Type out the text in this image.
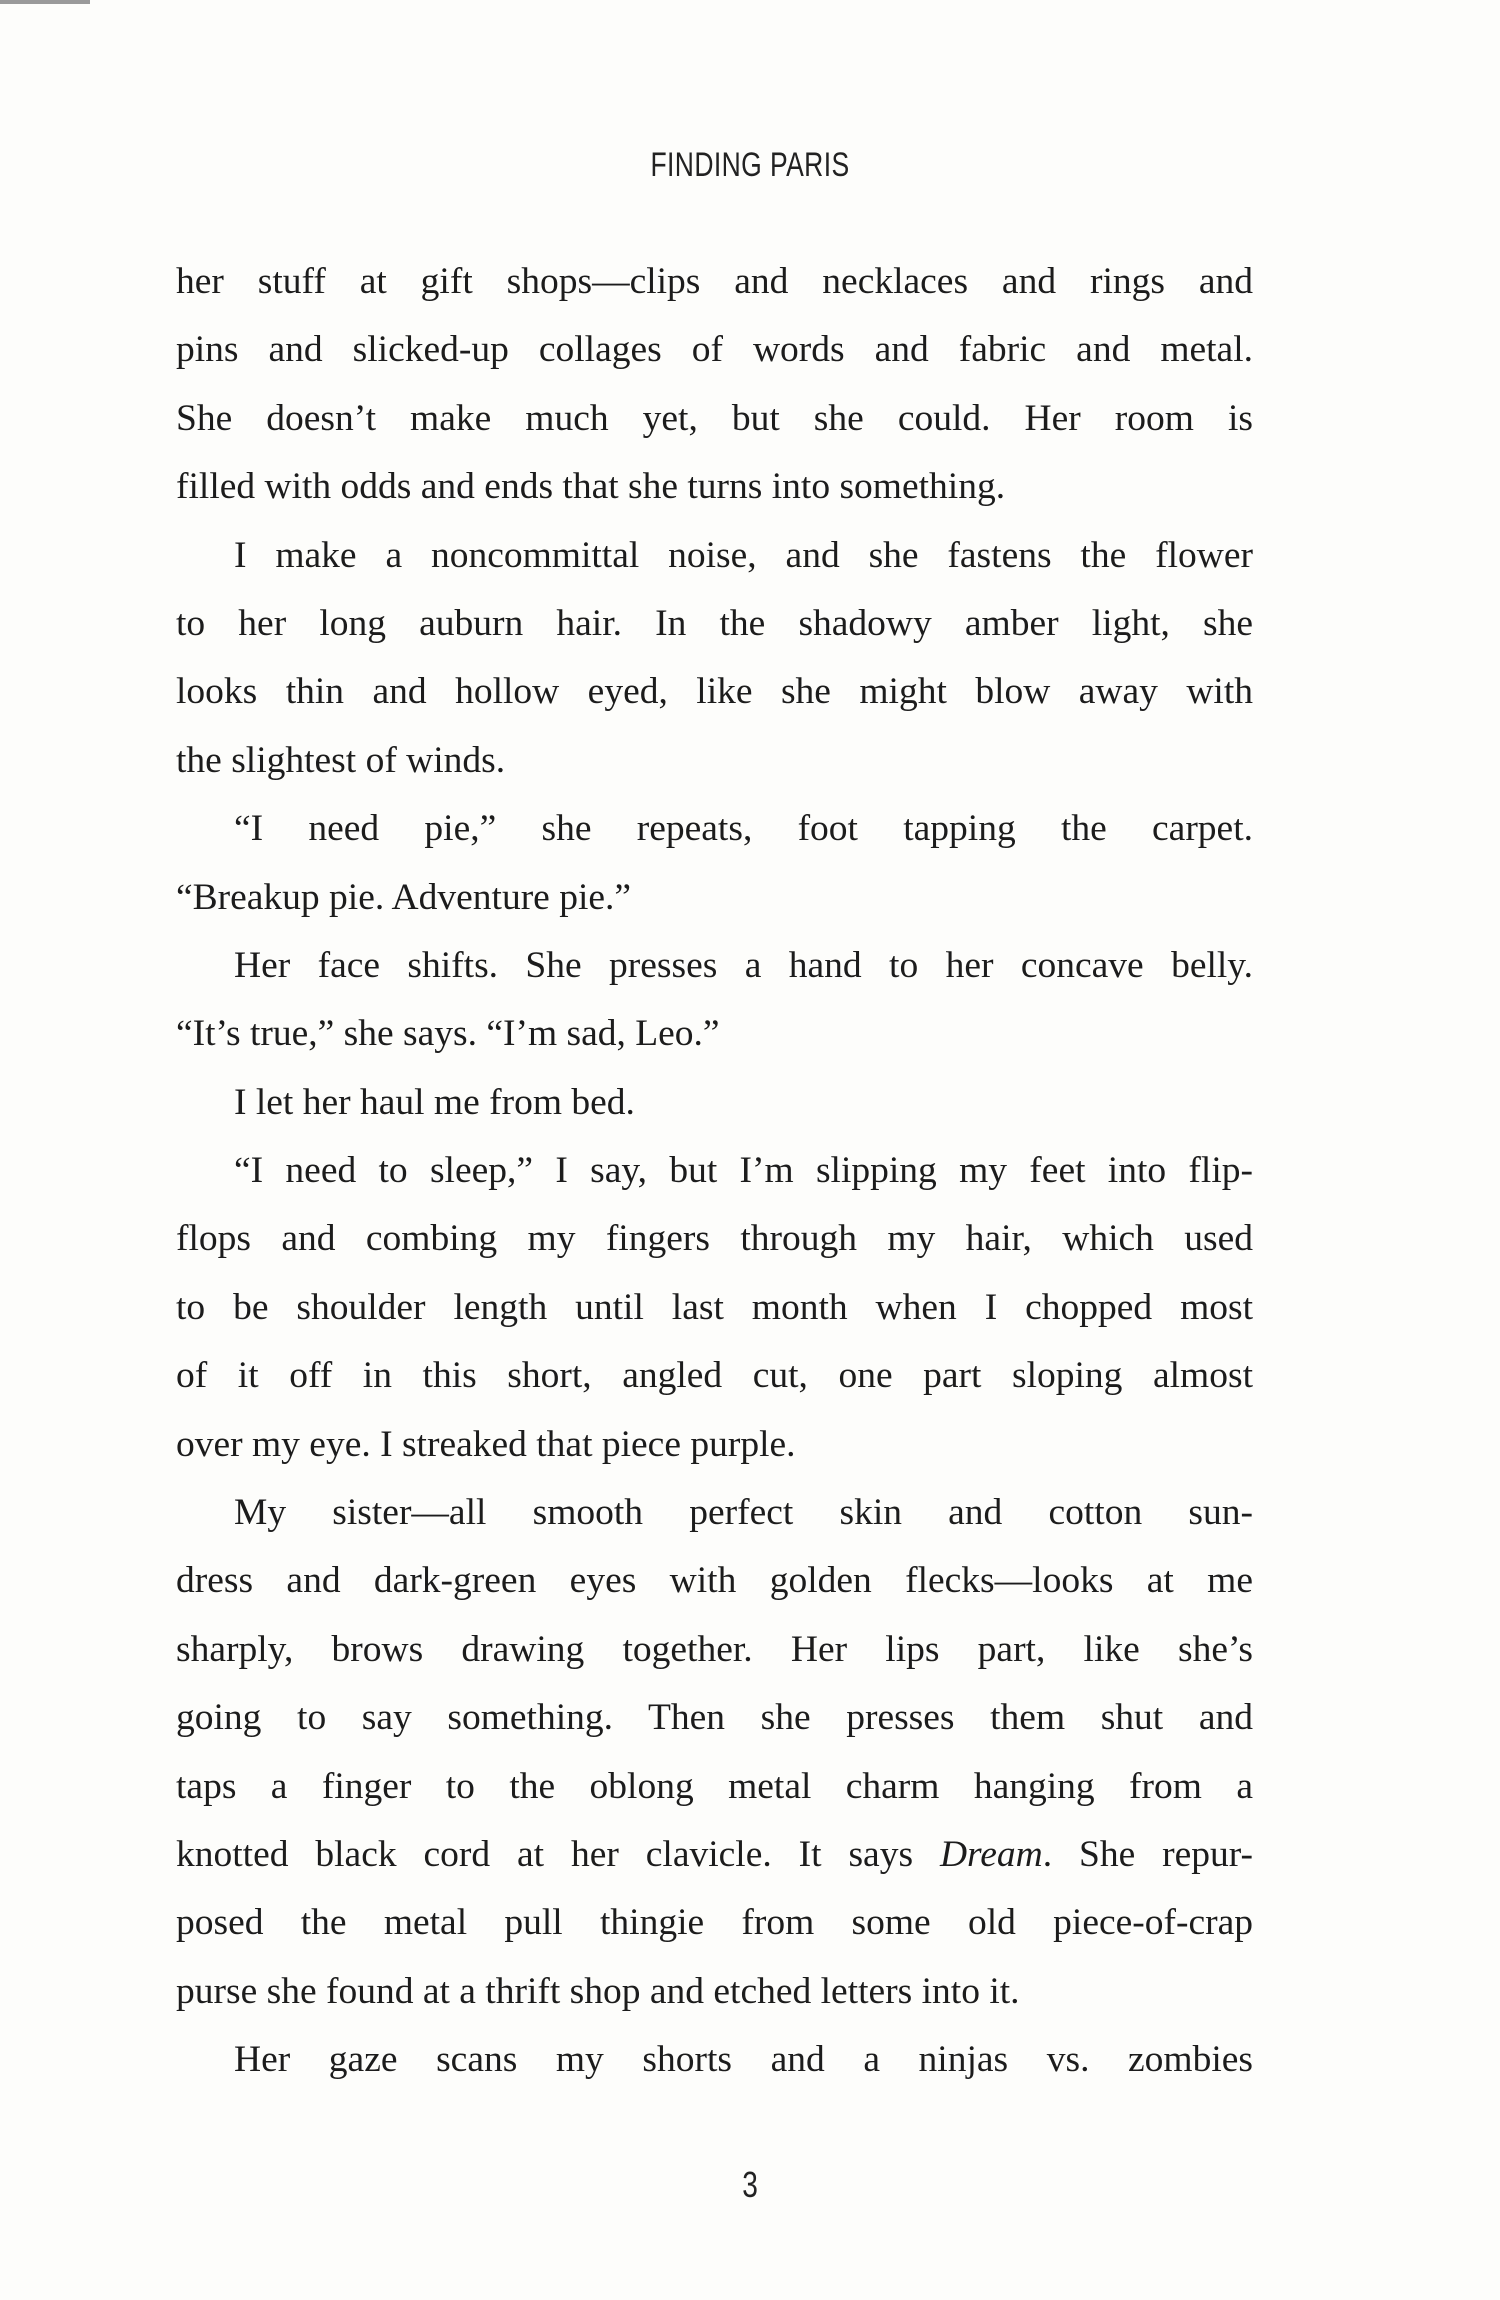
FINDING PARIS
her stuff at gift shops—clips and necklaces and rings and
pins and slicked-up collages of words and fabric and metal.
She doesn’t make much yet, but she could. Her room is
filled with odds and ends that she turns into something.
I make a noncommittal noise, and she fastens the flower
to her long auburn hair. In the shadowy amber light, she
looks thin and hollow eyed, like she might blow away with
the slightest of winds.
“I need pie,” she repeats, foot tapping the carpet.
“Breakup pie. Adventure pie.”
Her face shifts. She presses a hand to her concave belly.
“It’s true,” she says. “I’m sad, Leo.”
I let her haul me from bed.
“I need to sleep,” I say, but I’m slipping my feet into flip-
flops and combing my fingers through my hair, which used
to be shoulder length until last month when I chopped most
of it off in this short, angled cut, one part sloping almost
over my eye. I streaked that piece purple.
My sister—all smooth perfect skin and cotton sun-
dress and dark-green eyes with golden flecks—looks at me
sharply, brows drawing together. Her lips part, like she’s
going to say something. Then she presses them shut and
taps a finger to the oblong metal charm hanging from a
knotted black cord at her clavicle. It says Dream. She repur-
posed the metal pull thingie from some old piece-of-crap
purse she found at a thrift shop and etched letters into it.
Her gaze scans my shorts and a ninjas vs. zombies
3
